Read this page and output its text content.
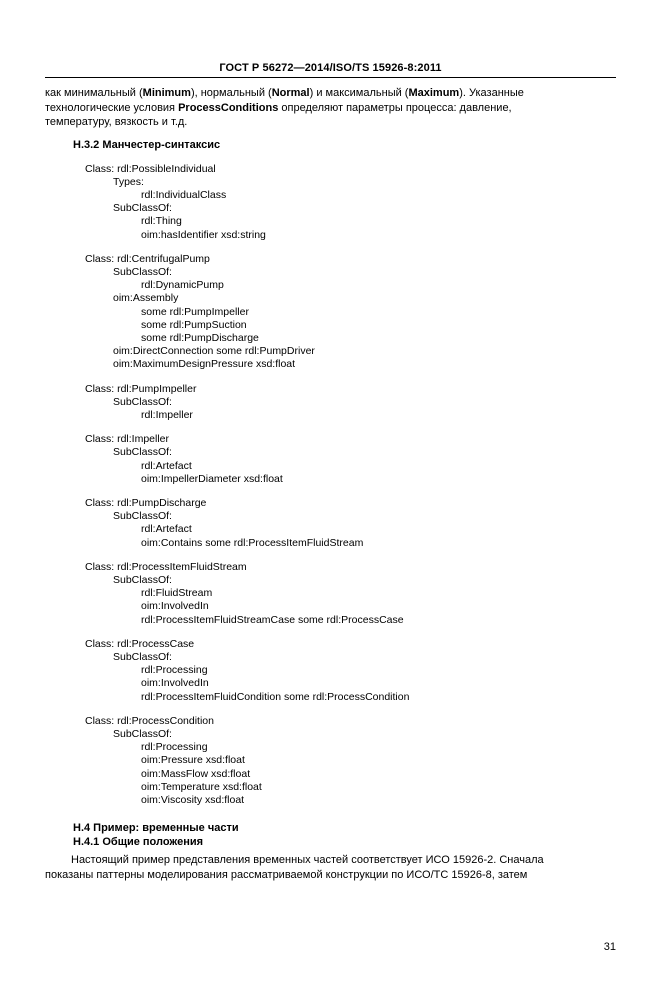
ГОСТ Р 56272—2014/ISO/TS 15926-8:2011
как минимальный (Minimum), нормальный (Normal) и максимальный (Maximum). Указанные
технологические условия ProcessConditions определяют параметры процесса: давление,
температуру, вязкость и т.д.
Н.3.2 Манчестер-синтаксис
Class: rdl:PossibleIndividual
Types:
rdl:IndividualClass
SubClassOf:
rdl:Thing
oim:hasIdentifier xsd:string
Class: rdl:CentrifugalPump
SubClassOf:
rdl:DynamicPump
oim:Assembly
some rdl:PumpImpeller
some rdl:PumpSuction
some rdl:PumpDischarge
oim:DirectConnection some rdl:PumpDriver
oim:MaximumDesignPressure xsd:float
Class: rdl:PumpImpeller
SubClassOf:
rdl:Impeller
Class: rdl:Impeller
SubClassOf:
rdl:Artefact
oim:ImpellerDiameter xsd:float
Class: rdl:PumpDischarge
SubClassOf:
rdl:Artefact
oim:Contains some rdl:ProcessItemFluidStream
Class: rdl:ProcessItemFluidStream
SubClassOf:
rdl:FluidStream
oim:InvolvedIn
rdl:ProcessItemFluidStreamCase some rdl:ProcessCase
Class: rdl:ProcessCase
SubClassOf:
rdl:Processing
oim:InvolvedIn
rdl:ProcessItemFluidCondition some rdl:ProcessCondition
Class: rdl:ProcessCondition
SubClassOf:
rdl:Processing
oim:Pressure xsd:float
oim:MassFlow xsd:float
oim:Temperature xsd:float
oim:Viscosity xsd:float
Н.4 Пример: временные части
Н.4.1 Общие положения
Настоящий пример представления временных частей соответствует ИСО 15926-2. Сначала
показаны паттерны моделирования рассматриваемой конструкции по ИСО/ТС 15926-8, затем
31
